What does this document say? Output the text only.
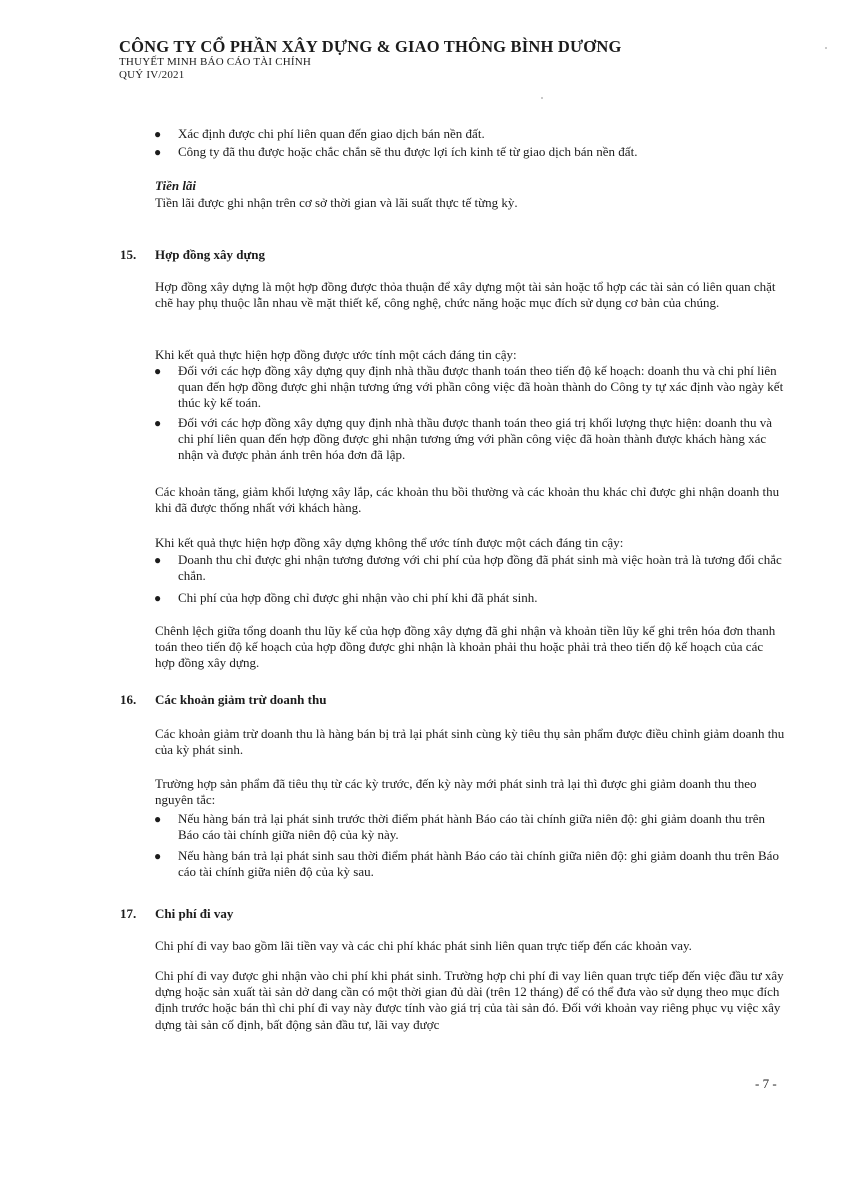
CÔNG TY CỔ PHẦN XÂY DỰNG & GIAO THÔNG BÌNH DƯƠNG
THUYẾT MINH BÁO CÁO TÀI CHÍNH
QUÝ IV/2021
● Xác định được chi phí liên quan đến giao dịch bán nền đất.
● Công ty đã thu được hoặc chắc chắn sẽ thu được lợi ích kinh tế từ giao dịch bán nền đất.
Tiền lãi
Tiền lãi được ghi nhận trên cơ sở thời gian và lãi suất thực tế từng kỳ.
15. Hợp đồng xây dựng
Hợp đồng xây dựng là một hợp đồng được thỏa thuận để xây dựng một tài sản hoặc tổ hợp các tài sản có liên quan chặt chẽ hay phụ thuộc lẫn nhau về mặt thiết kế, công nghệ, chức năng hoặc mục đích sử dụng cơ bản của chúng.
Khi kết quả thực hiện hợp đồng được ước tính một cách đáng tin cậy:
● Đối với các hợp đồng xây dựng quy định nhà thầu được thanh toán theo tiến độ kế hoạch: doanh thu và chi phí liên quan đến hợp đồng được ghi nhận tương ứng với phần công việc đã hoàn thành do Công ty tự xác định vào ngày kết thúc kỳ kế toán.
● Đối với các hợp đồng xây dựng quy định nhà thầu được thanh toán theo giá trị khối lượng thực hiện: doanh thu và chi phí liên quan đến hợp đồng được ghi nhận tương ứng với phần công việc đã hoàn thành được khách hàng xác nhận và được phản ánh trên hóa đơn đã lập.
Các khoản tăng, giảm khối lượng xây lắp, các khoản thu bồi thường và các khoản thu khác chỉ được ghi nhận doanh thu khi đã được thống nhất với khách hàng.
Khi kết quả thực hiện hợp đồng xây dựng không thể ước tính được một cách đáng tin cậy:
● Doanh thu chỉ được ghi nhận tương đương với chi phí của hợp đồng đã phát sinh mà việc hoàn trả là tương đối chắc chắn.
● Chi phí của hợp đồng chỉ được ghi nhận vào chi phí khi đã phát sinh.
Chênh lệch giữa tổng doanh thu lũy kế của hợp đồng xây dựng đã ghi nhận và khoản tiền lũy kế ghi trên hóa đơn thanh toán theo tiến độ kế hoạch của hợp đồng được ghi nhận là khoản phải thu hoặc phải trả theo tiến độ kế hoạch của các hợp đồng xây dựng.
16. Các khoản giảm trừ doanh thu
Các khoản giảm trừ doanh thu là hàng bán bị trả lại phát sinh cùng kỳ tiêu thụ sản phẩm được điều chỉnh giảm doanh thu của kỳ phát sinh.
Trường hợp sản phẩm đã tiêu thụ từ các kỳ trước, đến kỳ này mới phát sinh trả lại thì được ghi giảm doanh thu theo nguyên tắc:
● Nếu hàng bán trả lại phát sinh trước thời điểm phát hành Báo cáo tài chính giữa niên độ: ghi giảm doanh thu trên Báo cáo tài chính giữa niên độ của kỳ này.
● Nếu hàng bán trả lại phát sinh sau thời điểm phát hành Báo cáo tài chính giữa niên độ: ghi giảm doanh thu trên Báo cáo tài chính giữa niên độ của kỳ sau.
17. Chi phí đi vay
Chi phí đi vay bao gồm lãi tiền vay và các chi phí khác phát sinh liên quan trực tiếp đến các khoản vay.
Chi phí đi vay được ghi nhận vào chi phí khi phát sinh. Trường hợp chi phí đi vay liên quan trực tiếp đến việc đầu tư xây dựng hoặc sản xuất tài sản dở dang cần có một thời gian đủ dài (trên 12 tháng) để có thể đưa vào sử dụng theo mục đích định trước hoặc bán thì chi phí đi vay này được tính vào giá trị của tài sản đó. Đối với khoản vay riêng phục vụ việc xây dựng tài sản cố định, bất động sản đầu tư, lãi vay được
- 7 -
